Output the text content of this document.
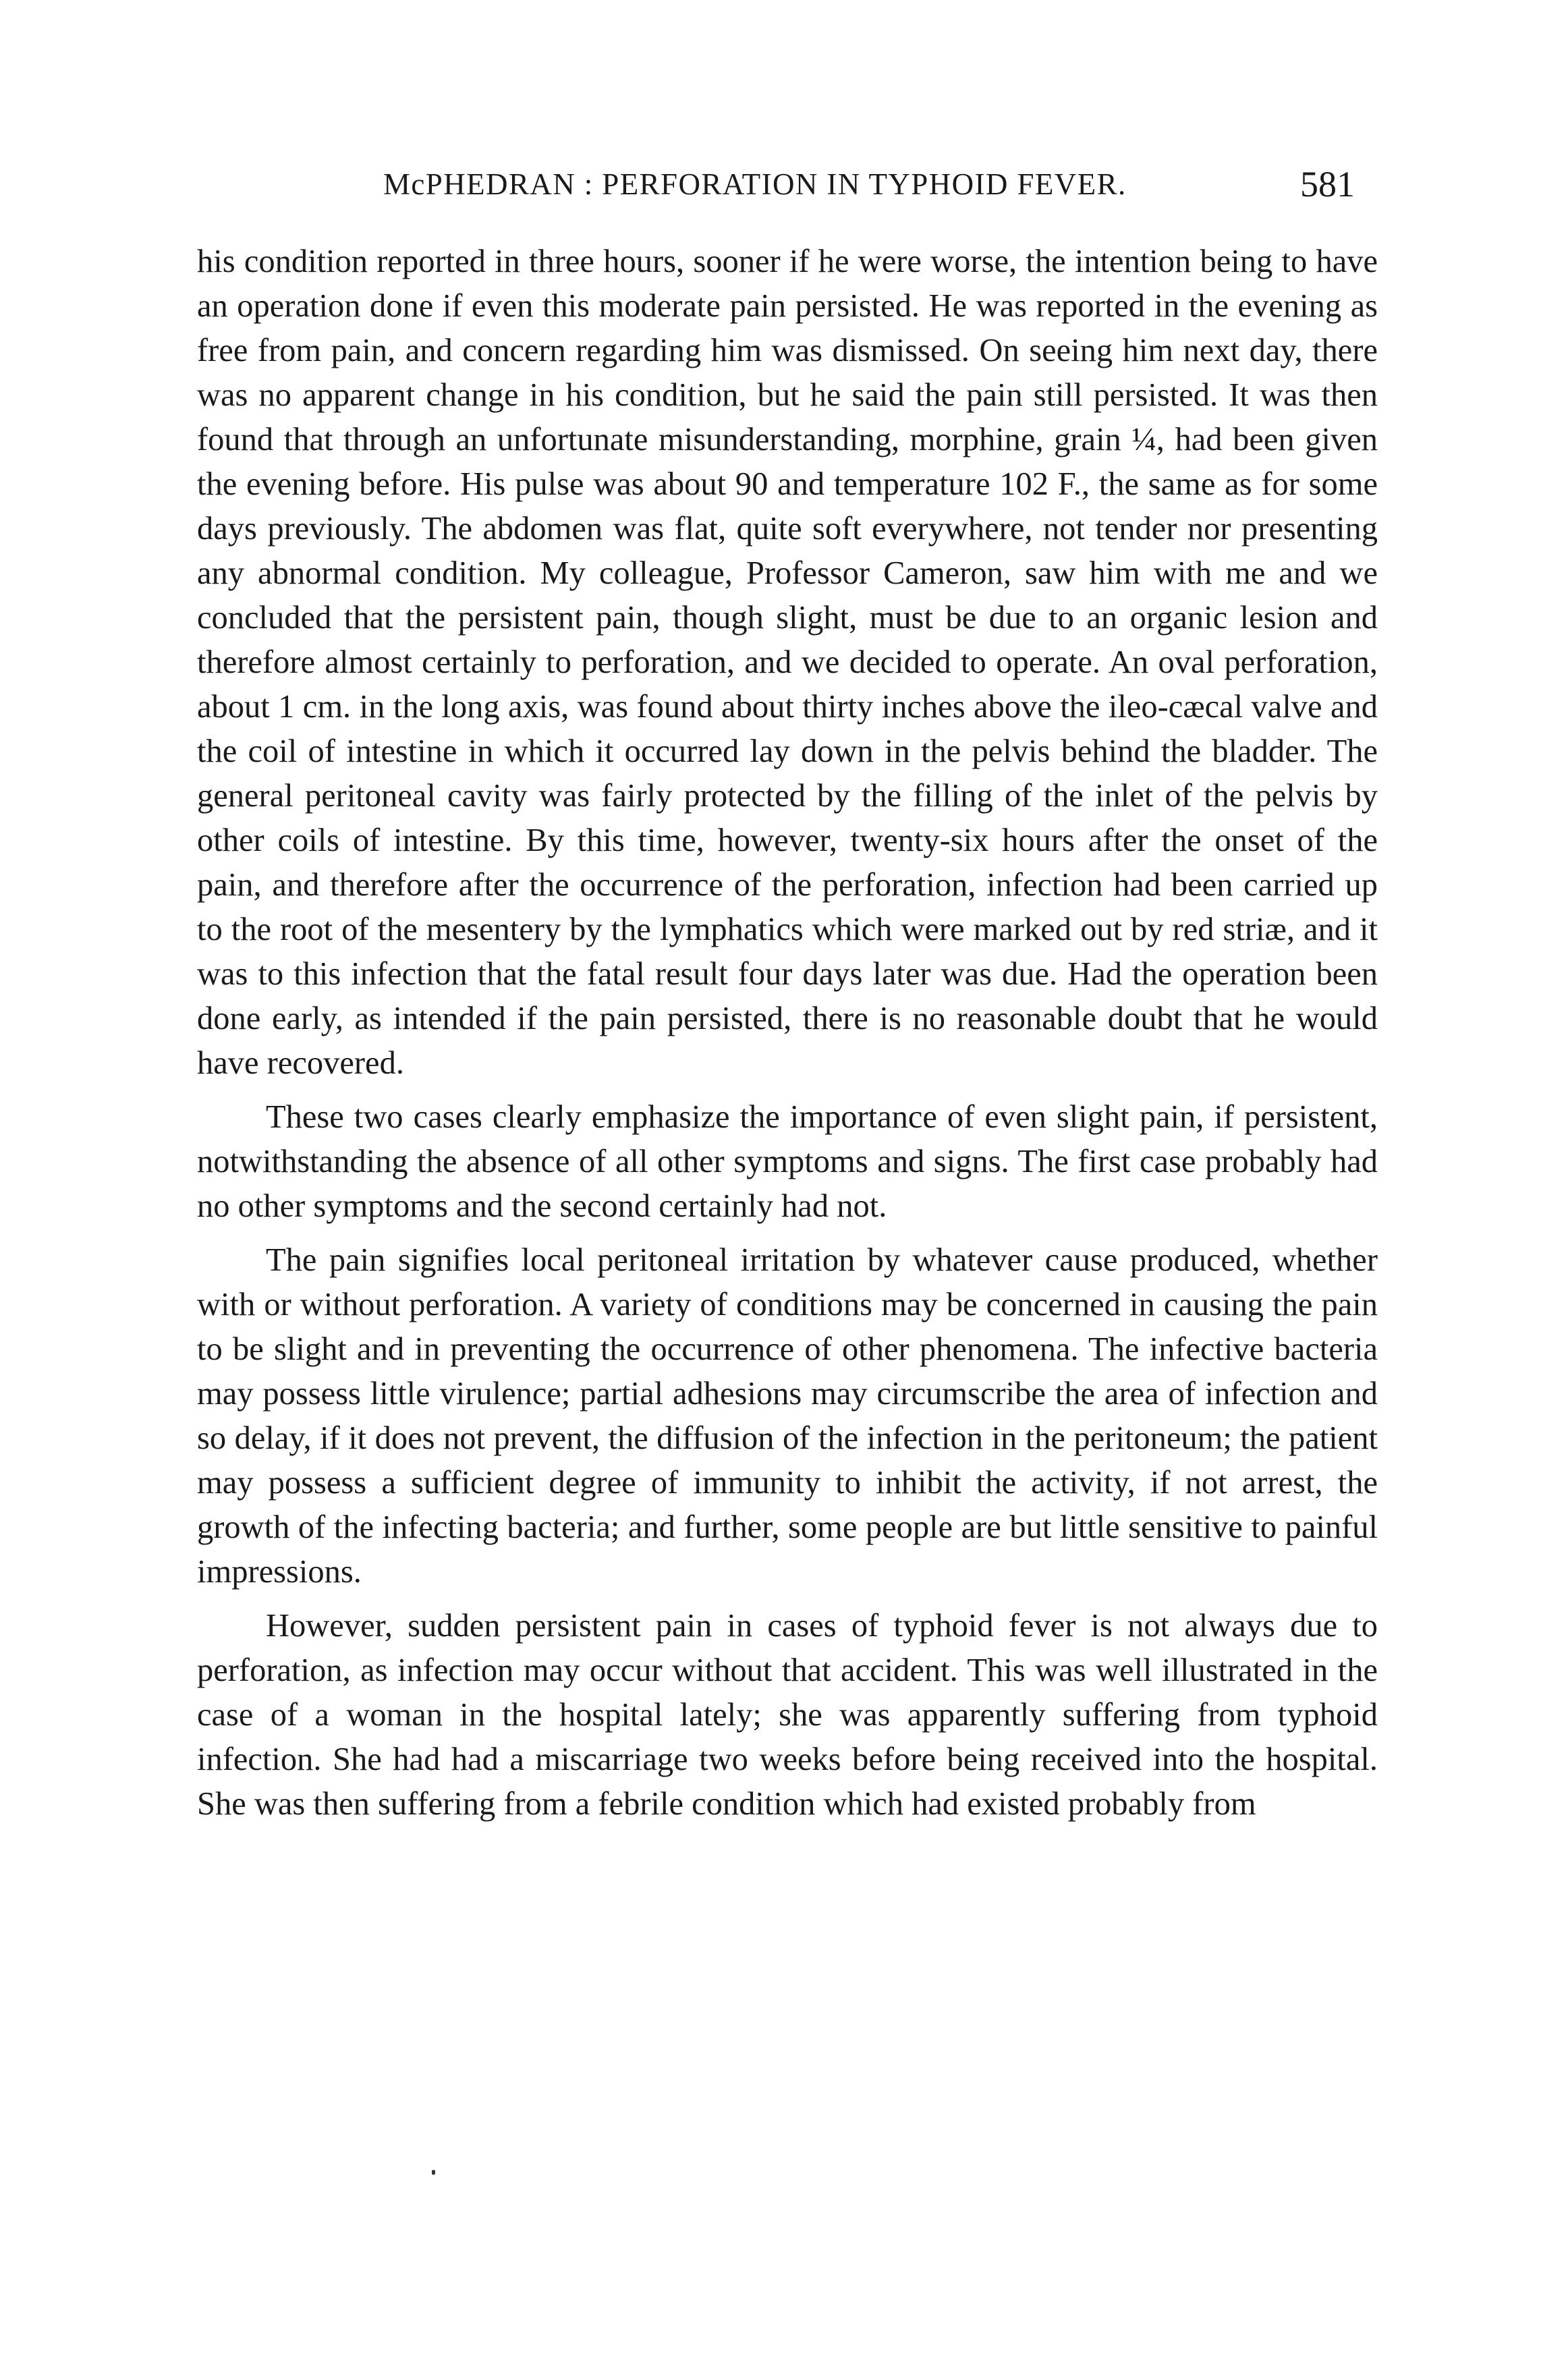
McPHEDRAN : PERFORATION IN TYPHOID FEVER.	581

his condition reported in three hours, sooner if he were worse, the intention being to have an operation done if even this moderate pain persisted. He was reported in the evening as free from pain, and concern regarding him was dismissed. On seeing him next day, there was no apparent change in his condition, but he said the pain still persisted. It was then found that through an unfortunate misunderstanding, morphine, grain ¼, had been given the evening before. His pulse was about 90 and temperature 102 F., the same as for some days previously. The abdomen was flat, quite soft everywhere, not tender nor presenting any abnormal condition. My colleague, Professor Cameron, saw him with me and we concluded that the persistent pain, though slight, must be due to an organic lesion and therefore almost certainly to perforation, and we decided to operate. An oval perforation, about 1 cm. in the long axis, was found about thirty inches above the ileo-cæcal valve and the coil of intestine in which it occurred lay down in the pelvis behind the bladder. The general peritoneal cavity was fairly protected by the filling of the inlet of the pelvis by other coils of intestine. By this time, however, twenty-six hours after the onset of the pain, and therefore after the occurrence of the perforation, infection had been carried up to the root of the mesentery by the lymphatics which were marked out by red striæ, and it was to this infection that the fatal result four days later was due. Had the operation been done early, as intended if the pain persisted, there is no reasonable doubt that he would have recovered.

These two cases clearly emphasize the importance of even slight pain, if persistent, notwithstanding the absence of all other symptoms and signs. The first case probably had no other symptoms and the second certainly had not.

The pain signifies local peritoneal irritation by whatever cause produced, whether with or without perforation. A variety of conditions may be concerned in causing the pain to be slight and in preventing the occurrence of other phenomena. The infective bacteria may possess little virulence; partial adhesions may circumscribe the area of infection and so delay, if it does not prevent, the diffusion of the infection in the peritoneum; the patient may possess a sufficient degree of immunity to inhibit the activity, if not arrest, the growth of the infecting bacteria; and further, some people are but little sensitive to painful impressions.

However, sudden persistent pain in cases of typhoid fever is not always due to perforation, as infection may occur without that accident. This was well illustrated in the case of a woman in the hospital lately; she was apparently suffering from typhoid infection. She had had a miscarriage two weeks before being received into the hospital. She was then suffering from a febrile condition which had existed probably from
